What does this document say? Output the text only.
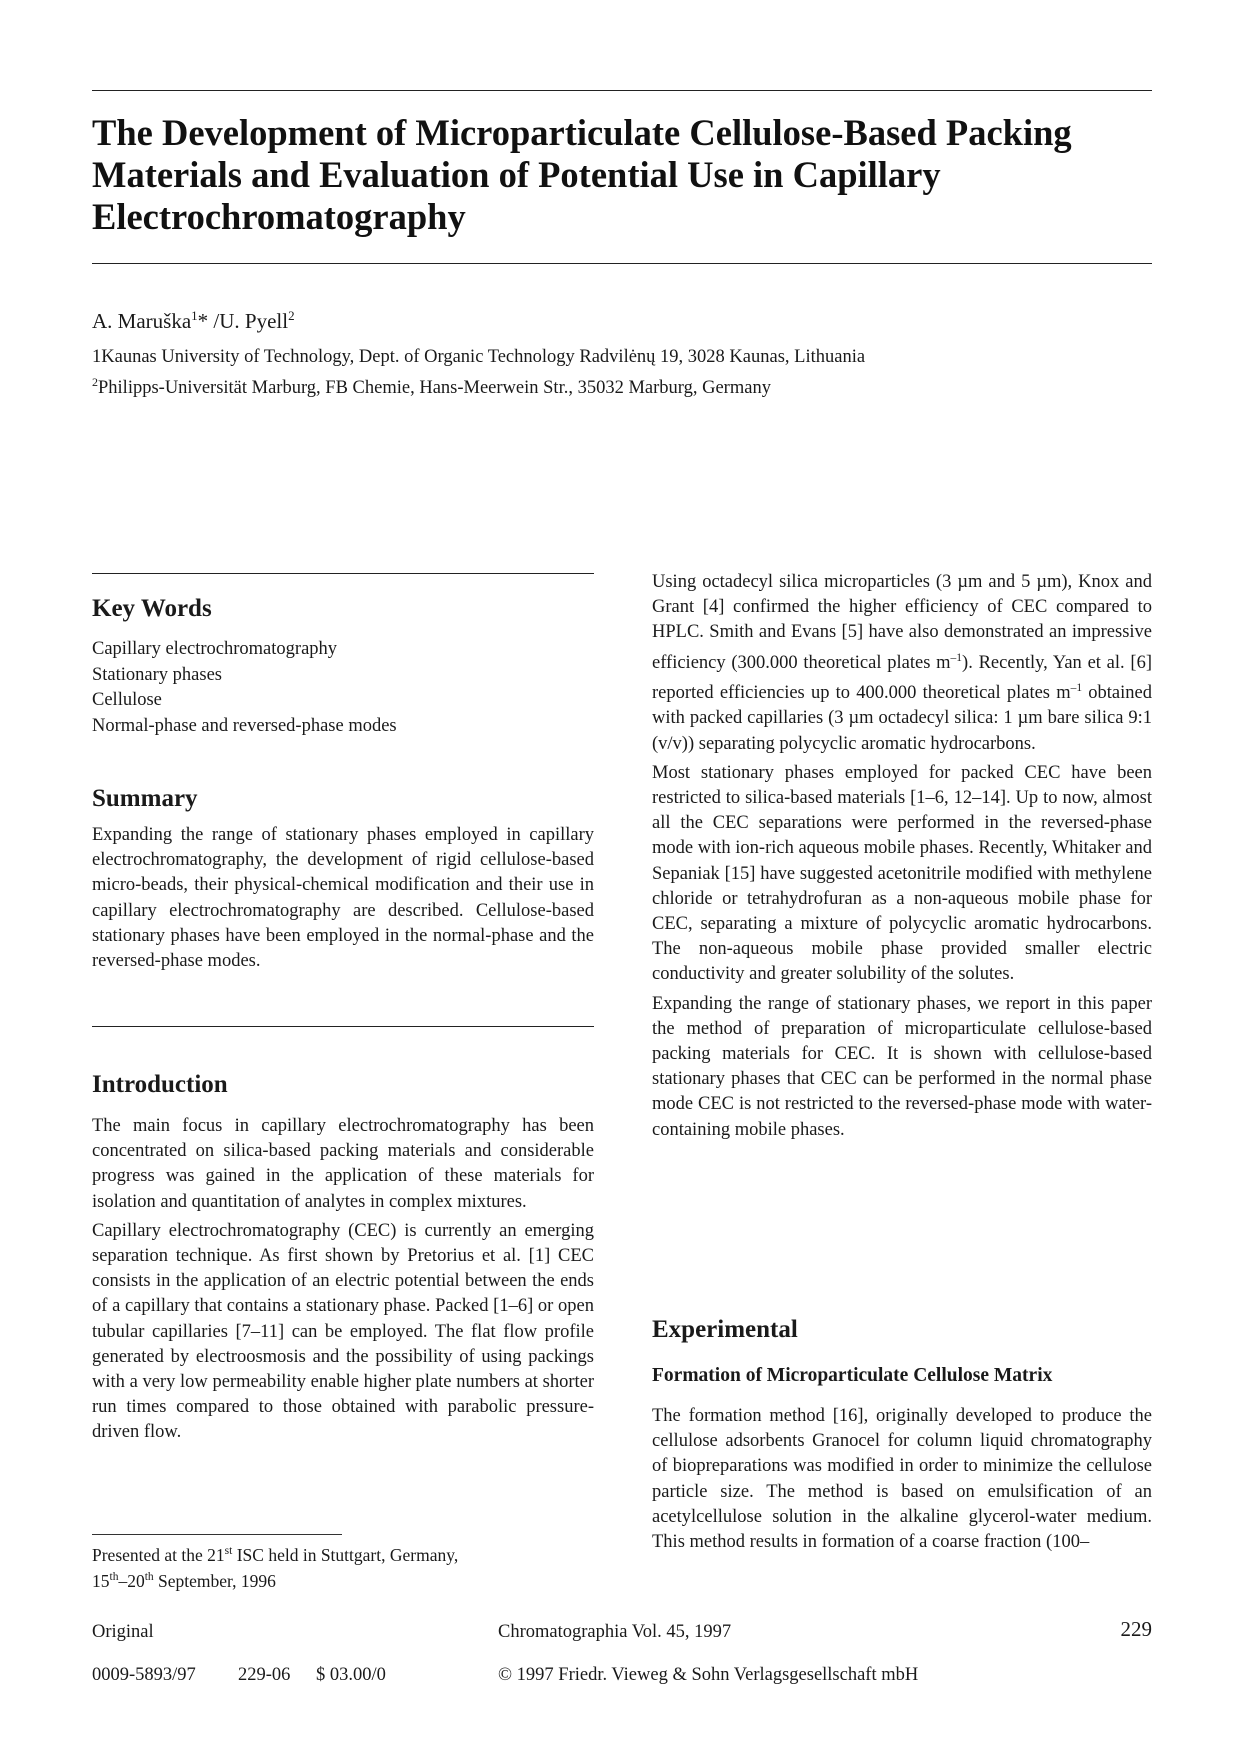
The Development of Microparticulate Cellulose-Based Packing Materials and Evaluation of Potential Use in Capillary Electrochromatography
A. Maruška$^1$* /U. Pyell$^2$
1Kaunas University of Technology, Dept. of Organic Technology Radvilėnų 19, 3028 Kaunas, Lithuania
$^2$Philipps-Universität Marburg, FB Chemie, Hans-Meerwein Str., 35032 Marburg, Germany
Key Words
Capillary electrochromatography
Stationary phases
Cellulose
Normal-phase and reversed-phase modes
Summary

Expanding the range of stationary phases employed in capillary electrochromatography, the development of rigid cellulose-based micro-beads, their physical-chemical modification and their use in capillary electrochromatography are described. Cellulose-based stationary phases have been employed in the normal-phase and the reversed-phase modes.

Introduction

The main focus in capillary electrochromatography has been concentrated on silica-based packing materials and considerable progress was gained in the application of these materials for isolation and quantitation of analytes in complex mixtures.

Capillary electrochromatography (CEC) is currently an emerging separation technique. As first shown by Pretorius et al. [1] CEC consists in the application of an electric potential between the ends of a capillary that contains a stationary phase. Packed [1–6] or open tubular capillaries [7–11] can be employed. The flat flow profile generated by electroosmosis and the possibility of using packings with a very low permeability enable higher plate numbers at shorter run times compared to those obtained with parabolic pressure-driven flow.

Presented at the 21st ISC held in Stuttgart, Germany,
15th–20th September, 1996

Using octadecyl silica microparticles (3 µm and 5 µm), Knox and Grant [4] confirmed the higher efficiency of CEC compared to HPLC. Smith and Evans [5] have also demonstrated an impressive efficiency (300.000 theoretical plates $m^{-1}$). Recently, Yan et al. [6] reported efficiencies up to 400.000 theoretical plates $m^{-1}$ obtained with packed capillaries (3 µm octadecyl silica: 1 µm bare silica 9:1 (v/v)) separating polycyclic aromatic hydrocarbons.

Most stationary phases employed for packed CEC have been restricted to silica-based materials [1–6, 12–14]. Up to now, almost all the CEC separations were performed in the reversed-phase mode with ion-rich aqueous mobile phases. Recently, Whitaker and Sepaniak [15] have suggested acetonitrile modified with methylene chloride or tetrahydrofuran as a non-aqueous mobile phase for CEC, separating a mixture of polycyclic aromatic hydrocarbons. The non-aqueous mobile phase provided smaller electric conductivity and greater solubility of the solutes.

Expanding the range of stationary phases, we report in this paper the method of preparation of microparticulate cellulose-based packing materials for CEC. It is shown with cellulose-based stationary phases that CEC can be performed in the normal phase mode CEC is not restricted to the reversed-phase mode with water-containing mobile phases.

Experimental
Formation of Microparticulate Cellulose Matrix

The formation method [16], originally developed to produce the cellulose adsorbents Granocel for column liquid chromatography of biopreparations was modified in order to minimize the cellulose particle size. The method is based on emulsification of an acetylcellulose solution in the alkaline glycerol-water medium. This method results in formation of a coarse fraction (100–

Original	Chromatographia Vol. 45, 1997	229
0009-5893/97 229-06 $ 03.00/0	© 1997 Friedr. Vieweg & Sohn Verlagsgesellschaft mbH
